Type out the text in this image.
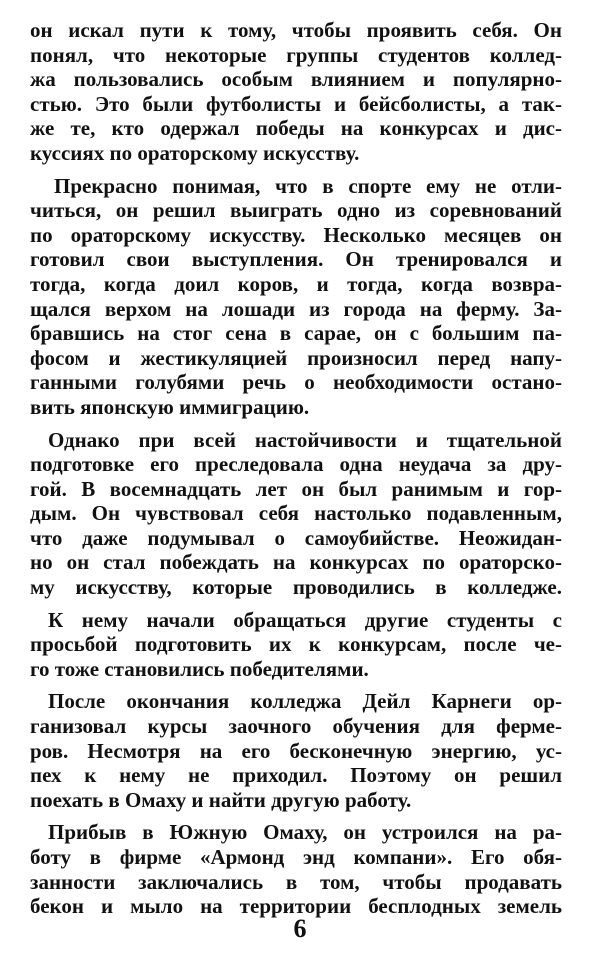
он искал пути к тому, чтобы проявить себя. Он
понял, что некоторые группы студентов коллед-
жа пользовались особым влиянием и популярно-
стью. Это были футболисты и бейсболисты, а так-
же те, кто одержал победы на конкурсах и дис-
куссиях по ораторскому искусству.

Прекрасно понимая, что в спорте ему не отли-
читься, он решил выиграть одно из соревнований
по ораторскому искусству. Несколько месяцев он
готовил свои выступления. Он тренировался и
тогда, когда доил коров, и тогда, когда возвра-
щался верхом на лошади из города на ферму. За-
бравшись на стог сена в сарае, он с большим па-
фосом и жестикуляцией произносил перед напу-
ганными голубями речь о необходимости останo-
вить японскую иммиграцию.

Однако при всей настойчивости и тщательной
подготовке его преследовала одна неудача за дру-
гой. В восемнадцать лет он был ранимым и гор-
дым. Он чувствовал себя настолько подавленным,
что даже подумывал о самоубийстве. Неожидан-
но он стал побеждать на конкурсах по ораторско-
му искусству, которые проводились в колледже.

К нему начали обращаться другие студенты с
просьбой подготовить их к конкурсам, после че-
го тоже становились победителями.

После окончания колледжа Дейл Карнеги ор-
ганизовал курсы заочного обучения для ферме-
ров. Несмотря на его бесконечную энергию, ус-
пех к нему не приходил. Поэтому он решил
поехать в Омаху и найти другую работу.

Прибыв в Южную Омаху, он устроился на ра-
боту в фирме «Армонд энд компани». Его обя-
занности заключались в том, чтобы продавать
бекон и мыло на территории бесплодных земель

6
